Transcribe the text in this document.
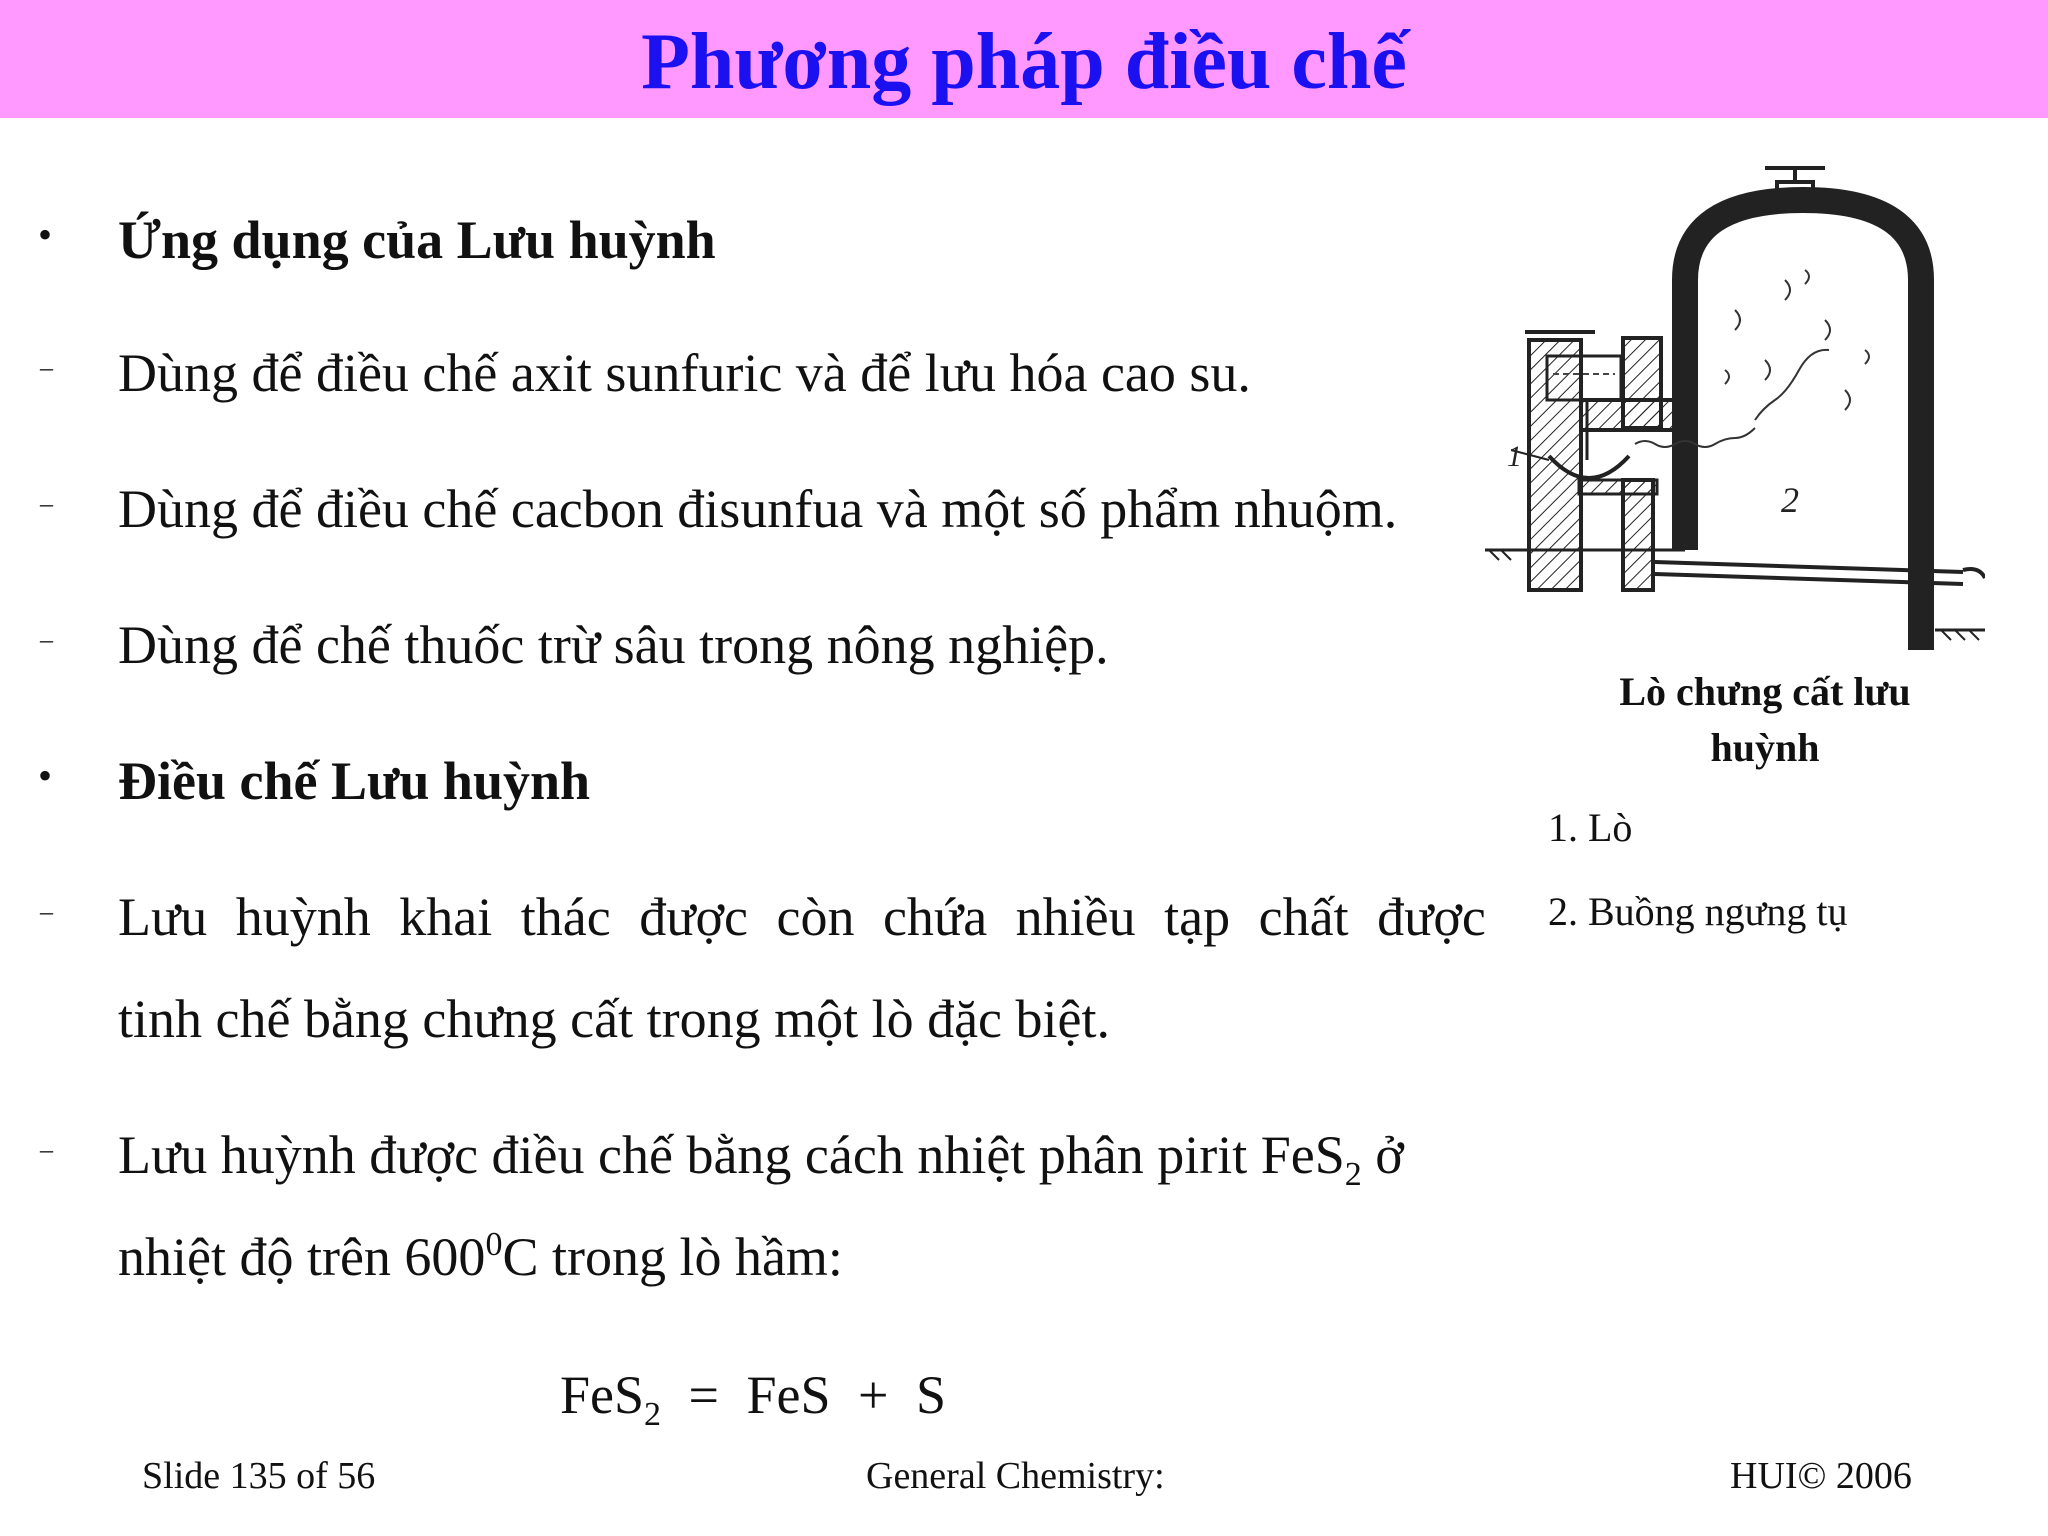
Phương pháp điều chế
• Ứng dụng của Lưu huỳnh
– Dùng để điều chế axit sunfuric và để lưu hóa cao su.
– Dùng để điều chế cacbon đisunfua và một số phẩm nhuộm.
– Dùng để chế thuốc trừ sâu trong nông nghiệp.
• Điều chế Lưu huỳnh
– Lưu huỳnh khai thác được còn chứa nhiều tạp chất được
tinh chế bằng chưng cất trong một lò đặc biệt.
– Lưu huỳnh được điều chế bằng cách nhiệt phân pirit FeS$_2$ ở
nhiệt độ trên $600^0C$ trong lò hầm:
FeS$_2$ = FeS + S
1
2
Lò chưng cất lưu huỳnh
1. Lò
2. Buồng ngưng tụ
Slide 135 of 56	General Chemistry:	HUI© 2006
